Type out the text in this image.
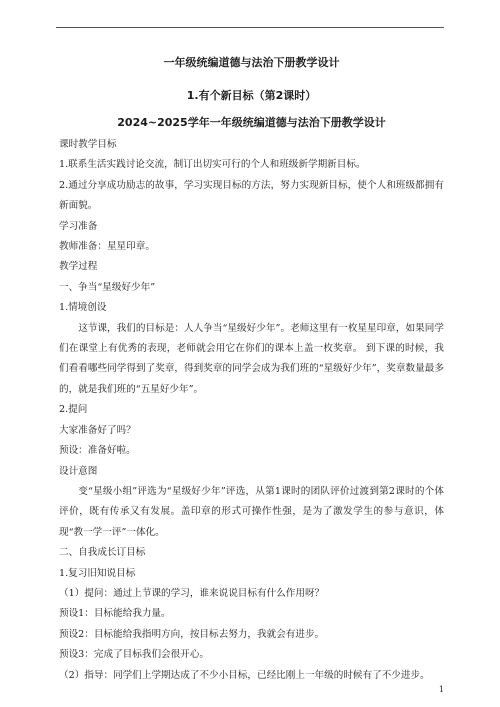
一年级统编道德与法治下册教学设计
1.有个新目标（第2课时）
2024~2025学年一年级统编道德与法治下册教学设计

课时教学目标

1.联系生活实践讨论交流，制订出切实可行的个人和班级新学期新目标。

2.通过分享成功励志的故事，学习实现目标的方法，努力实现新目标，使个人和班级都拥有新面貌。

学习准备

教师准备：星星印章。

教学过程

一、争当“星级好少年”

1.情境创设

这节课，我们的目标是：人人争当“星级好少年”。老师这里有一枚星星印章，如果同学们在课堂上有优秀的表现，老师就会用它在你们的课本上盖一枚奖章。 到下课的时候，我们看看哪些同学得到了奖章，得到奖章的同学会成为我们班的“星级好少年”，奖章数量最多的，就是我们班的“五星好少年”。

2.提问

大家准备好了吗？

预设：准备好啦。

设计意图

变“星级小组”评选为“星级好少年”评选，从第1课时的团队评价过渡到第2课时的个体评价，既有传承又有发展。盖印章的形式可操作性强，是为了激发学生的参与意识，体现“教一学一评”一体化。

二、自我成长订目标

1.复习旧知说目标

（1）提问：通过上节课的学习，谁来说说目标有什么作用呀？

预设1：目标能给我力量。

预设2：目标能给我指明方向，按目标去努力，我就会有进步。

预设3：完成了目标我们会很开心。

（2）指导：同学们上学期达成了不少小目标，已经比刚上一年级的时候有了不少进步。

1
